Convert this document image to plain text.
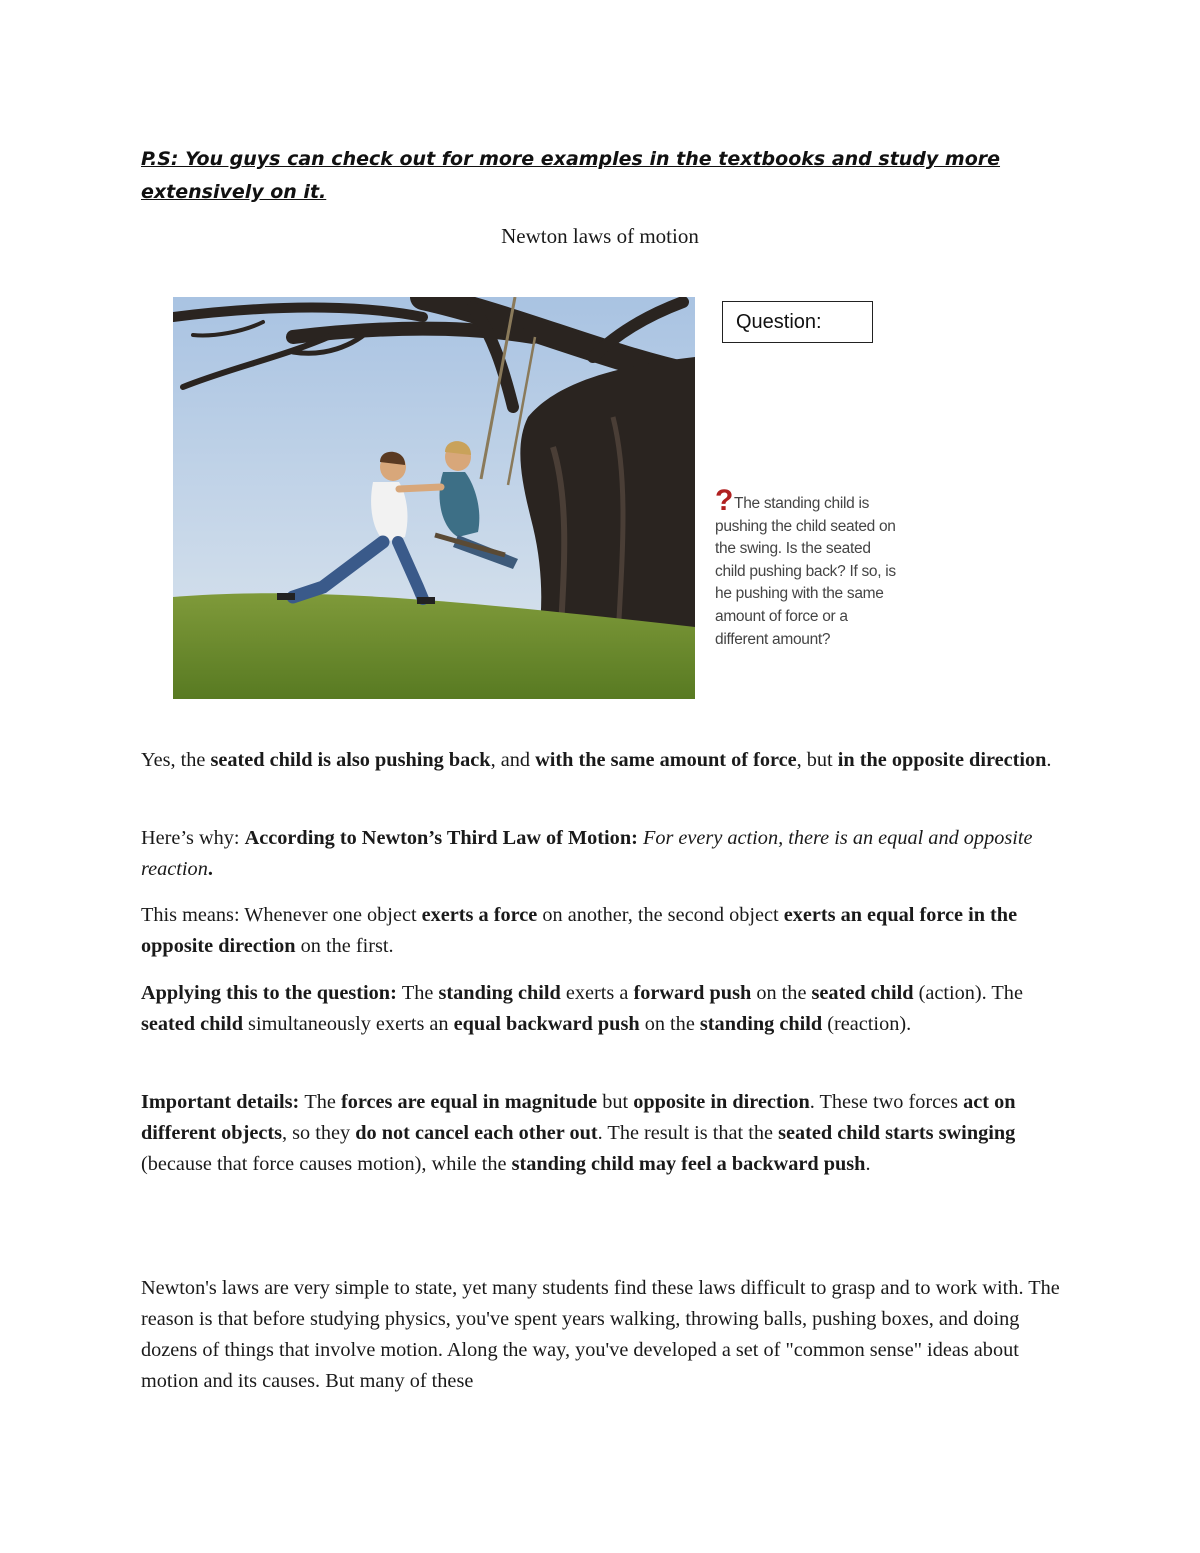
P.S: You guys can check out for more examples in the textbooks and study more extensively on it.
Newton laws of motion
Question:
?The standing child is pushing the child seated on the swing. Is the seated child pushing back? If so, is he pushing with the same amount of force or a different amount?

Yes, the seated child is also pushing back, and with the same amount of force, but in the opposite direction.

Here’s why: According to Newton’s Third Law of Motion: For every action, there is an equal and opposite reaction.

This means: Whenever one object exerts a force on another, the second object exerts an equal force in the opposite direction on the first.

Applying this to the question: The standing child exerts a forward push on the seated child (action). The seated child simultaneously exerts an equal backward push on the standing child (reaction).

Important details: The forces are equal in magnitude but opposite in direction. These two forces act on different objects, so they do not cancel each other out. The result is that the seated child starts swinging (because that force causes motion), while the standing child may feel a backward push.

Newton's laws are very simple to state, yet many students find these laws difficult to grasp and to work with. The reason is that before studying physics, you've spent years walking, throwing balls, pushing boxes, and doing dozens of things that involve motion. Along the way, you've developed a set of "common sense" ideas about motion and its causes. But many of these
